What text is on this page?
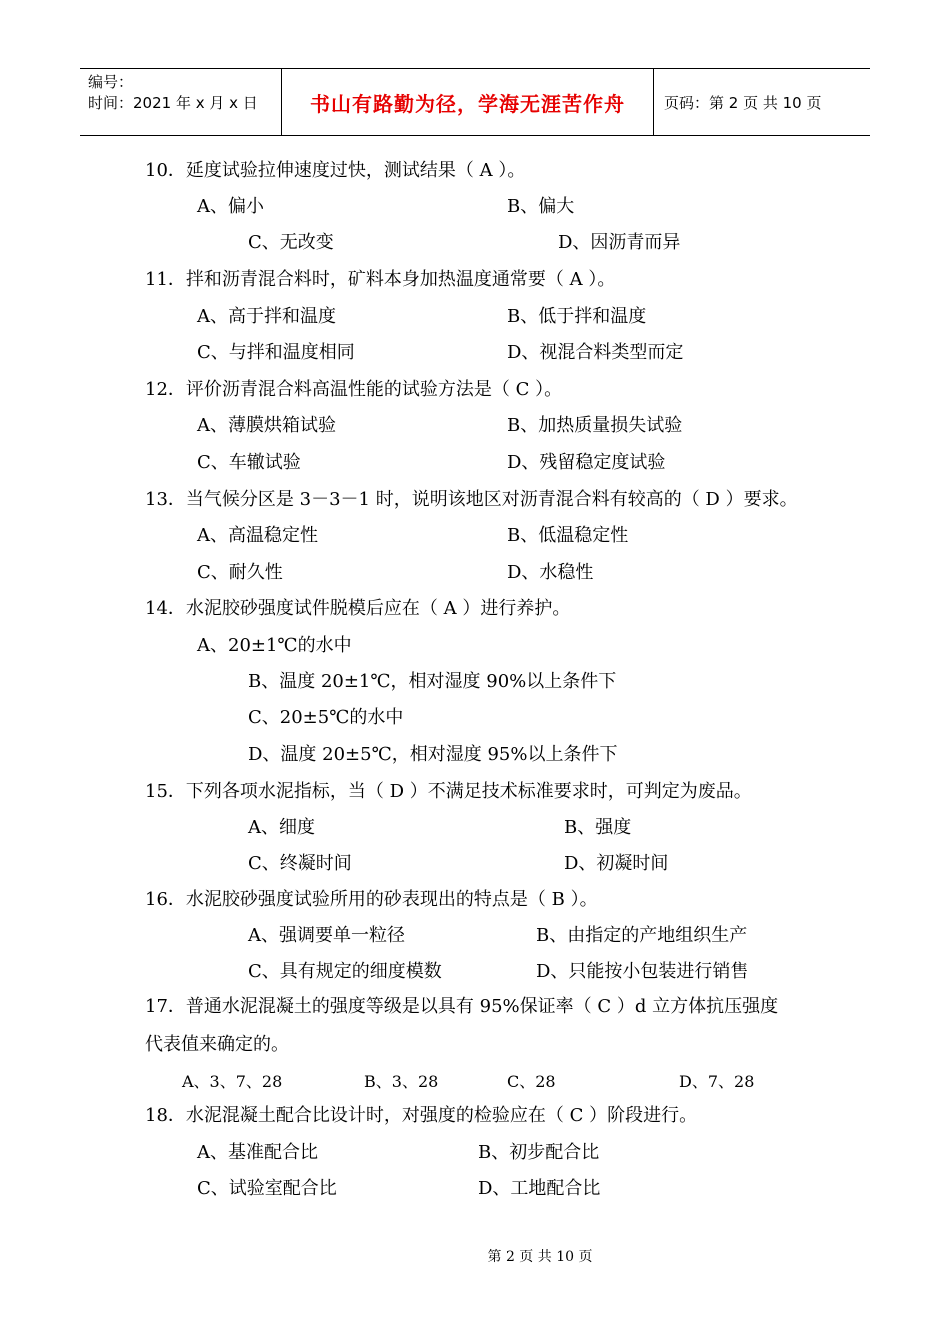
编号：
时间：2021 年 x 月 x 日	书山有路勤为径，学海无涯苦作舟	页码：第 2 页 共 10 页
10．延度试验拉伸速度过快，测试结果（ A ）。
A、偏小	B、偏大
C、无改变	D、因沥青而异
11．拌和沥青混合料时，矿料本身加热温度通常要（ A ）。
A、高于拌和温度	B、低于拌和温度
C、与拌和温度相同	D、视混合料类型而定
12．评价沥青混合料高温性能的试验方法是（ C ）。
A、薄膜烘箱试验	B、加热质量损失试验
C、车辙试验	D、残留稳定度试验
13．当气候分区是 3－3－1 时，说明该地区对沥青混合料有较高的（ D ）要求。
A、高温稳定性	B、低温稳定性
C、耐久性	D、水稳性
14．水泥胶砂强度试件脱模后应在（ A ）进行养护。
A、20±1℃的水中
B、温度 20±1℃，相对湿度 90%以上条件下
C、20±5℃的水中
D、温度 20±5℃，相对湿度 95%以上条件下
15．下列各项水泥指标，当（ D ）不满足技术标准要求时，可判定为废品。
A、细度	B、强度
C、终凝时间	D、初凝时间
16．水泥胶砂强度试验所用的砂表现出的特点是（ B ）。
A、强调要单一粒径	B、由指定的产地组织生产
C、具有规定的细度模数	D、只能按小包装进行销售
17．普通水泥混凝土的强度等级是以具有 95%保证率（ C ）d 立方体抗压强度
代表值来确定的。
A、3、7、28	B、3、28	C、28	D、7、28
18．水泥混凝土配合比设计时，对强度的检验应在（ C ）阶段进行。
A、基准配合比	B、初步配合比
C、试验室配合比	D、工地配合比
第 2 页 共 10 页
